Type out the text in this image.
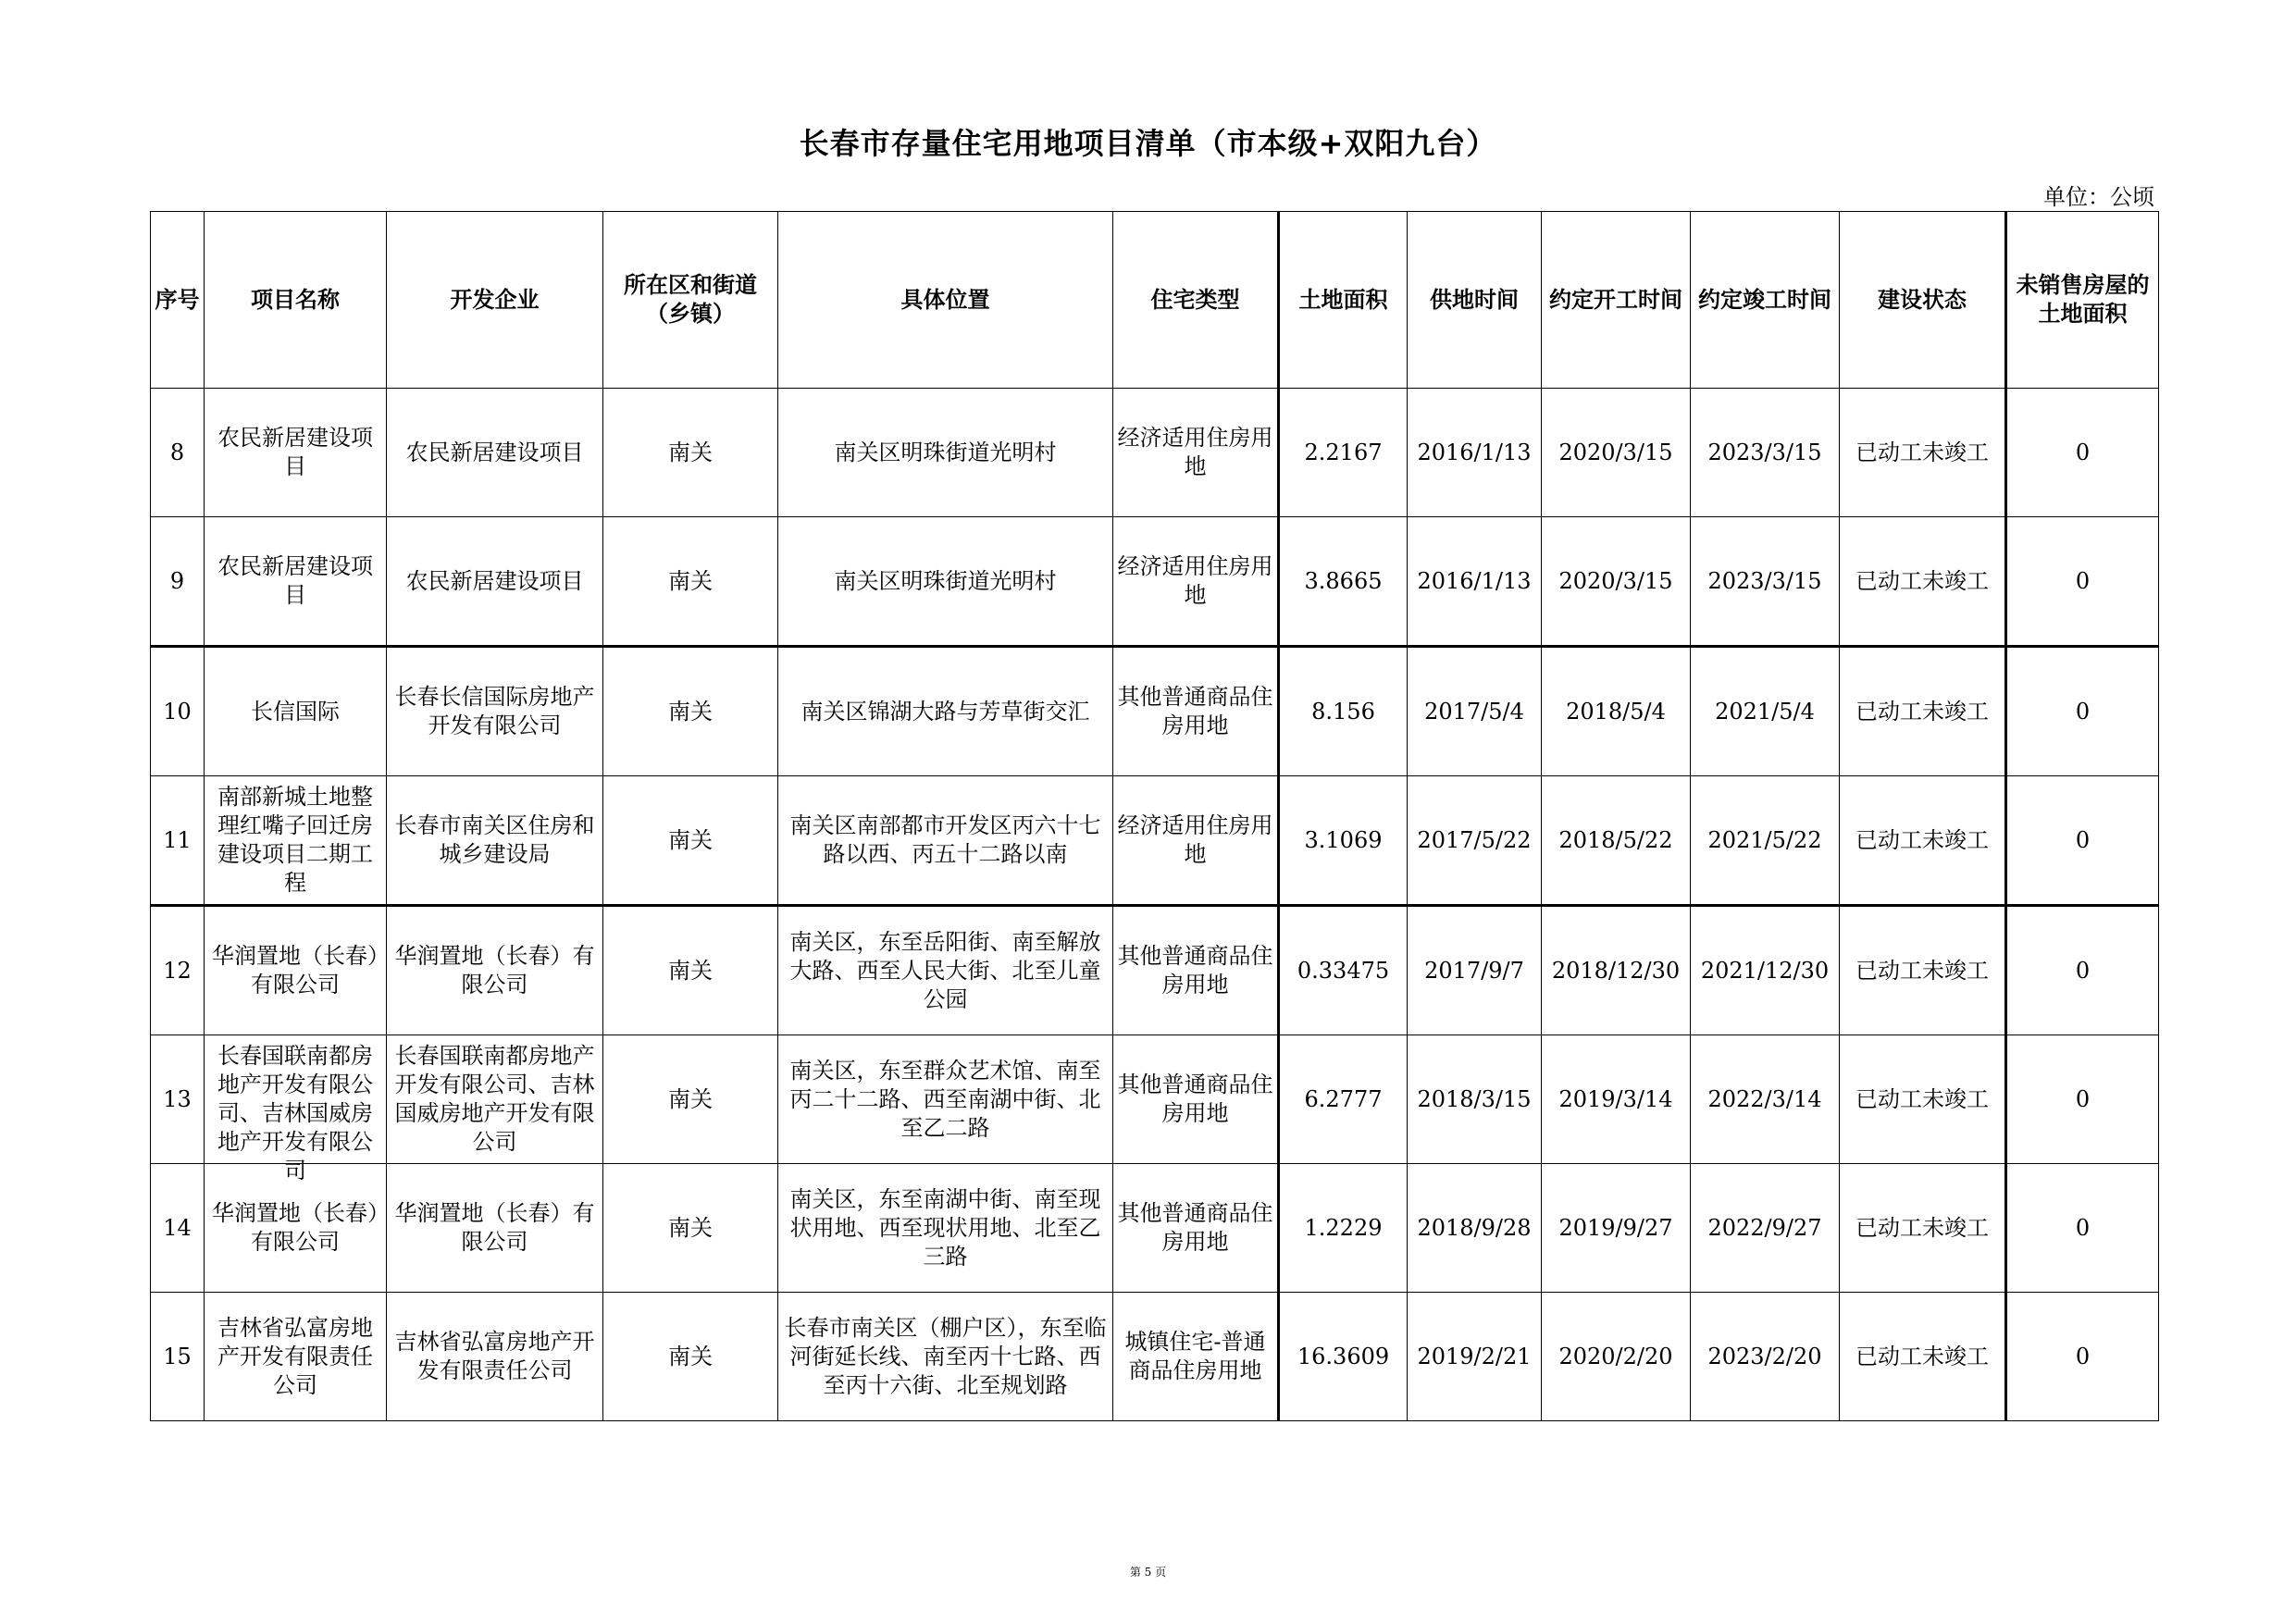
长春市存量住宅用地项目清单（市本级+双阳九台）
单位：公顷
序号	项目名称	开发企业	所在区和街道（乡镇）	具体位置	住宅类型	土地面积	供地时间	约定开工时间	约定竣工时间	建设状态	未销售房屋的土地面积

8	农民新居建设项目	农民新居建设项目	南关	南关区明珠街道光明村	经济适用住房用地	2.2167	2016/1/13	2020/3/15	2023/3/15	已动工未竣工	0

9	农民新居建设项目	农民新居建设项目	南关	南关区明珠街道光明村	经济适用住房用地	3.8665	2016/1/13	2020/3/15	2023/3/15	已动工未竣工	0

10	长信国际	长春长信国际房地产开发有限公司	南关	南关区锦湖大路与芳草街交汇	其他普通商品住房用地	8.156	2017/5/4	2018/5/4	2021/5/4	已动工未竣工	0

11	南部新城土地整理红嘴子回迁房建设项目二期工程	长春市南关区住房和城乡建设局	南关	南关区南部都市开发区丙六十七路以西、丙五十二路以南	经济适用住房用地	3.1069	2017/5/22	2018/5/22	2021/5/22	已动工未竣工	0

12	华润置地（长春）有限公司	华润置地（长春）有限公司	南关	南关区，东至岳阳街、南至解放大路、西至人民大街、北至儿童公园	其他普通商品住房用地	0.33475	2017/9/7	2018/12/30	2021/12/30	已动工未竣工	0

13	长春国联南都房地产开发有限公司、吉林国威房地产开发有限公司	长春国联南都房地产开发有限公司、吉林国威房地产开发有限公司	南关	南关区，东至群众艺术馆、南至丙二十二路、西至南湖中街、北至乙二路	其他普通商品住房用地	6.2777	2018/3/15	2019/3/14	2022/3/14	已动工未竣工	0

14	华润置地（长春）有限公司	华润置地（长春）有限公司	南关	南关区，东至南湖中街、南至现状用地、西至现状用地、北至乙三路	其他普通商品住房用地	1.2229	2018/9/28	2019/9/27	2022/9/27	已动工未竣工	0

15	吉林省弘富房地产开发有限责任公司	吉林省弘富房地产开发有限责任公司	南关	长春市南关区（棚户区），东至临河街延长线、南至丙十七路、西至丙十六街、北至规划路	城镇住宅-普通商品住房用地	16.3609	2019/2/21	2020/2/20	2023/2/20	已动工未竣工	0
第 5 页
